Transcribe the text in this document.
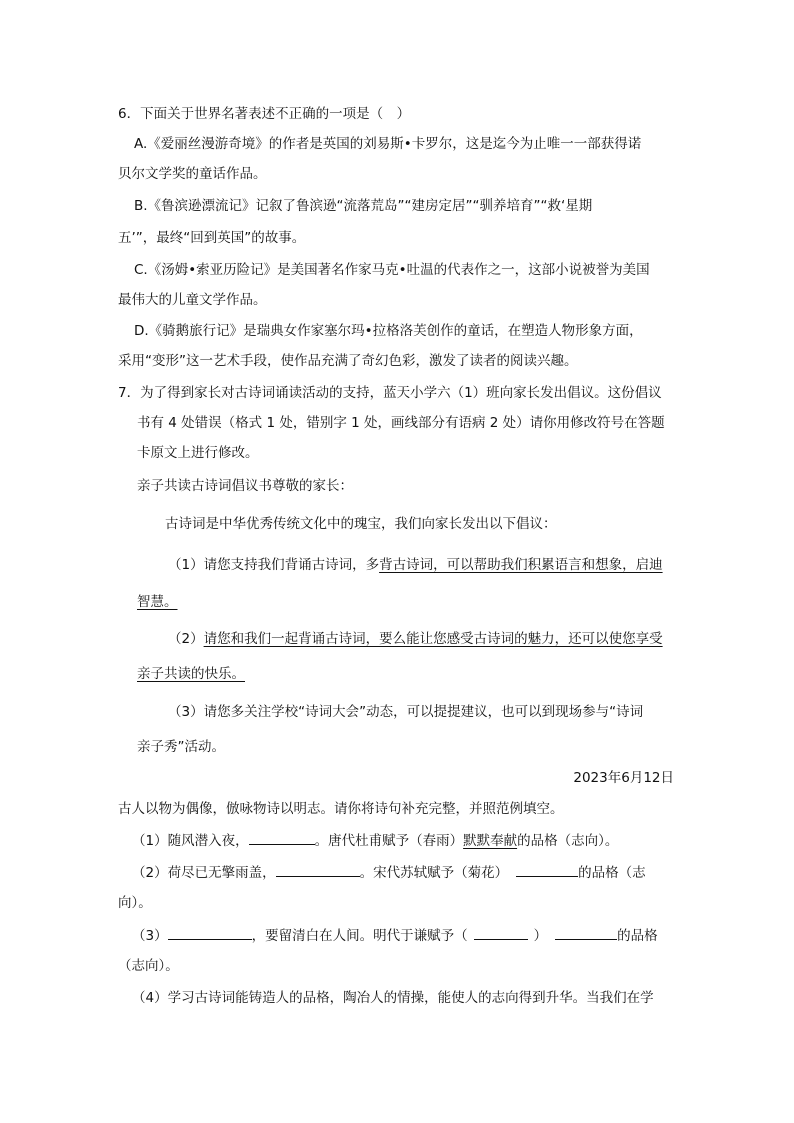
6．下面关于世界名著表述不正确的一项是（　）
A.《爱丽丝漫游奇境》的作者是英国的刘易斯•卡罗尔，这是迄今为止唯一一部获得诺
贝尔文学奖的童话作品。
B.《鲁滨逊漂流记》记叙了鲁滨逊“流落荒岛”“建房定居”“驯养培育”“救‘星期
五’”，最终“回到英国”的故事。
C.《汤姆•索亚历险记》是美国著名作家马克•吐温的代表作之一，这部小说被誉为美国
最伟大的儿童文学作品。
D.《骑鹅旅行记》是瑞典女作家塞尔玛•拉格洛芙创作的童话，在塑造人物形象方面，
采用“变形”这一艺术手段，使作品充满了奇幻色彩，激发了读者的阅读兴趣。
7．为了得到家长对古诗词诵读活动的支持，蓝天小学六（1）班向家长发出倡议。这份倡议
书有 4 处错误（格式 1 处，错别字 1 处，画线部分有语病 2 处）请你用修改符号在答题
卡原文上进行修改。
亲子共读古诗词倡议书尊敬的家长：
古诗词是中华优秀传统文化中的瑰宝，我们向家长发出以下倡议：
（1）请您支持我们背诵古诗词，多背古诗词，可以帮助我们积累语言和想象，启迪
智慧。
（2）请您和我们一起背诵古诗词，要么能让您感受古诗词的魅力，还可以使您享受
亲子共读的快乐。
（3）请您多关注学校“诗词大会”动态，可以提提建议，也可以到现场参与“诗词
亲子秀”活动。
2023年6月12日
古人以物为偶像，倣咏物诗以明志。请你将诗句补充完整，并照范例填空。
（1）随风潜入夜，	。唐代杜甫赋予（春雨）默默奉献的品格（志向）。
（2）荷尽已无擎雨盖，	。宋代苏轼赋予（菊花）	的品格（志
向）。
（3）	，要留清白在人间。明代于谦赋予（	）	的品格
（志向）。
（4）学习古诗词能铸造人的品格，陶冶人的情操，能使人的志向得到升华。当我们在学
